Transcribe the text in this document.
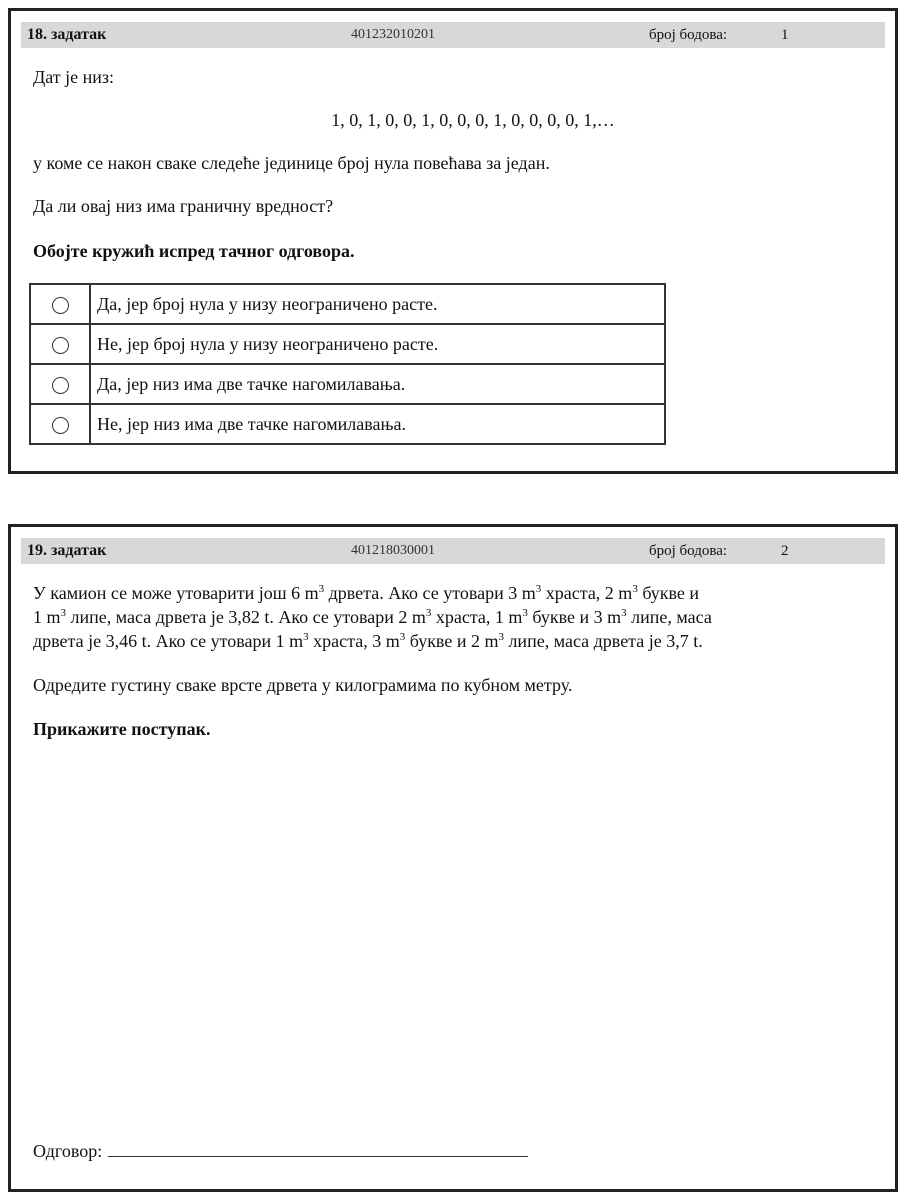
18. задатак	401232010201	број бодова:	1

Дат је низ:

1, 0, 1, 0, 0, 1, 0, 0, 0, 1, 0, 0, 0, 0, 1,…

у коме се након сваке следеће јединице број нула повећава за један.

Да ли овај низ има граничну вредност?

Обојте кружић испред тачног одговора.

	Да, јер број нула у низу неограничено расте.
	Не, јер број нула у низу неограничено расте.
	Да, јер низ има две тачке нагомилавања.
	Не, јер низ има две тачке нагомилавања.
19. задатак	401218030001	број бодова:	2

У камион се може утоварити још 6 $m^3$ дрвета. Ако се утовари 3 $m^3$ храста, 2 $m^3$ букве и

1 $m^3$ липе, маса дрвета је 3,82 t. Ако се утовари 2 $m^3$ храста, 1 $m^3$ букве и 3 $m^3$ липе, маса

дрвета је 3,46 t. Ако се утовари 1 $m^3$ храста, 3 $m^3$ букве и 2 $m^3$ липе, маса дрвета је 3,7 t.

Одредите густину сваке врсте дрвета у килограмима по кубном метру.

Прикажите поступак.

Одговор:
